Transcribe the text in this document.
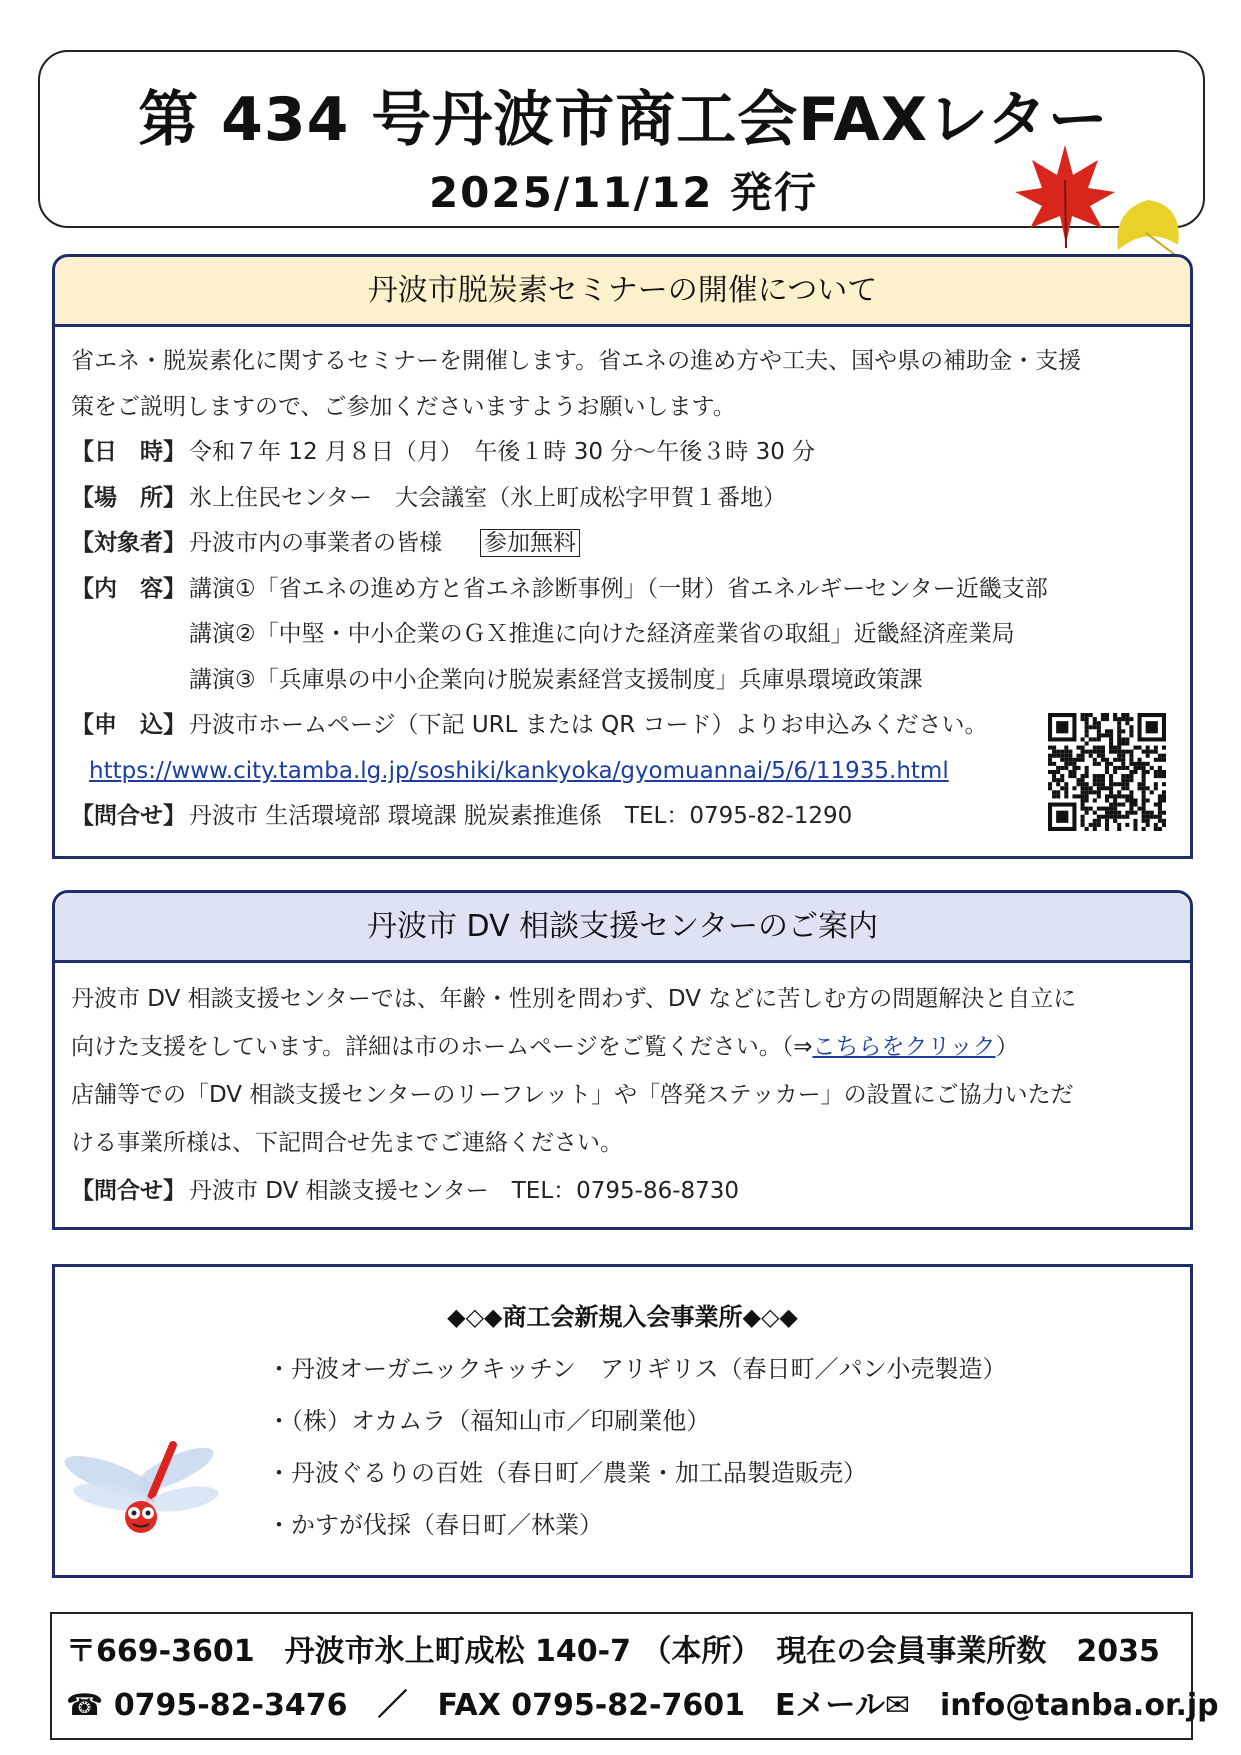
第 434 号丹波市商工会FAXレター
2025/11/12 発行
丹波市脱炭素セミナーの開催について
省エネ・脱炭素化に関するセミナーを開催します。省エネの進め方や工夫、国や県の補助金・支援
策をご説明しますので、ご参加くださいますようお願いします。
【日　時】 令和７年 12 月８日（月）　午後１時 30 分～午後３時 30 分
【場　所】 氷上住民センター　大会議室（氷上町成松字甲賀１番地）
【対象者】 丹波市内の事業者の皆様 参加無料
【内　容】 講演①「省エネの進め方と省エネ診断事例」（一財）省エネルギーセンター近畿支部
講演②「中堅・中小企業のＧＸ推進に向けた経済産業省の取組」近畿経済産業局
講演③「兵庫県の中小企業向け脱炭素経営支援制度」兵庫県環境政策課
【申　込】 丹波市ホームページ（下記 URL または QR コード）よりお申込みください。
https://www.city.tamba.lg.jp/soshiki/kankyoka/gyomuannai/5/6/11935.html
【問合せ】 丹波市 生活環境部 環境課 脱炭素推進係　TEL：0795-82-1290
丹波市 DV 相談支援センターのご案内
丹波市 DV 相談支援センターでは、年齢・性別を問わず、DV などに苦しむ方の問題解決と自立に
向けた支援をしています。詳細は市のホームページをご覧ください。（⇒こちらをクリック）
店舗等での「DV 相談支援センターのリーフレット」や「啓発ステッカー」の設置にご協力いただ
ける事業所様は、下記問合せ先までご連絡ください。
【問合せ】 丹波市 DV 相談支援センター　TEL：0795-86-8730
◆◇◆商工会新規入会事業所◆◇◆
・丹波オーガニックキッチン　アリギリス（春日町／パン小売製造）
・（株）オカムラ（福知山市／印刷業他）
・丹波ぐるりの百姓（春日町／農業・加工品製造販売）
・かすが伐採（春日町／林業）
〒669-3601　丹波市氷上町成松 140-7 （本所）　現在の会員事業所数　2035
☎ 0795-82-3476　／　FAX 0795-82-7601　Eメール✉　info@tanba.or.jp
